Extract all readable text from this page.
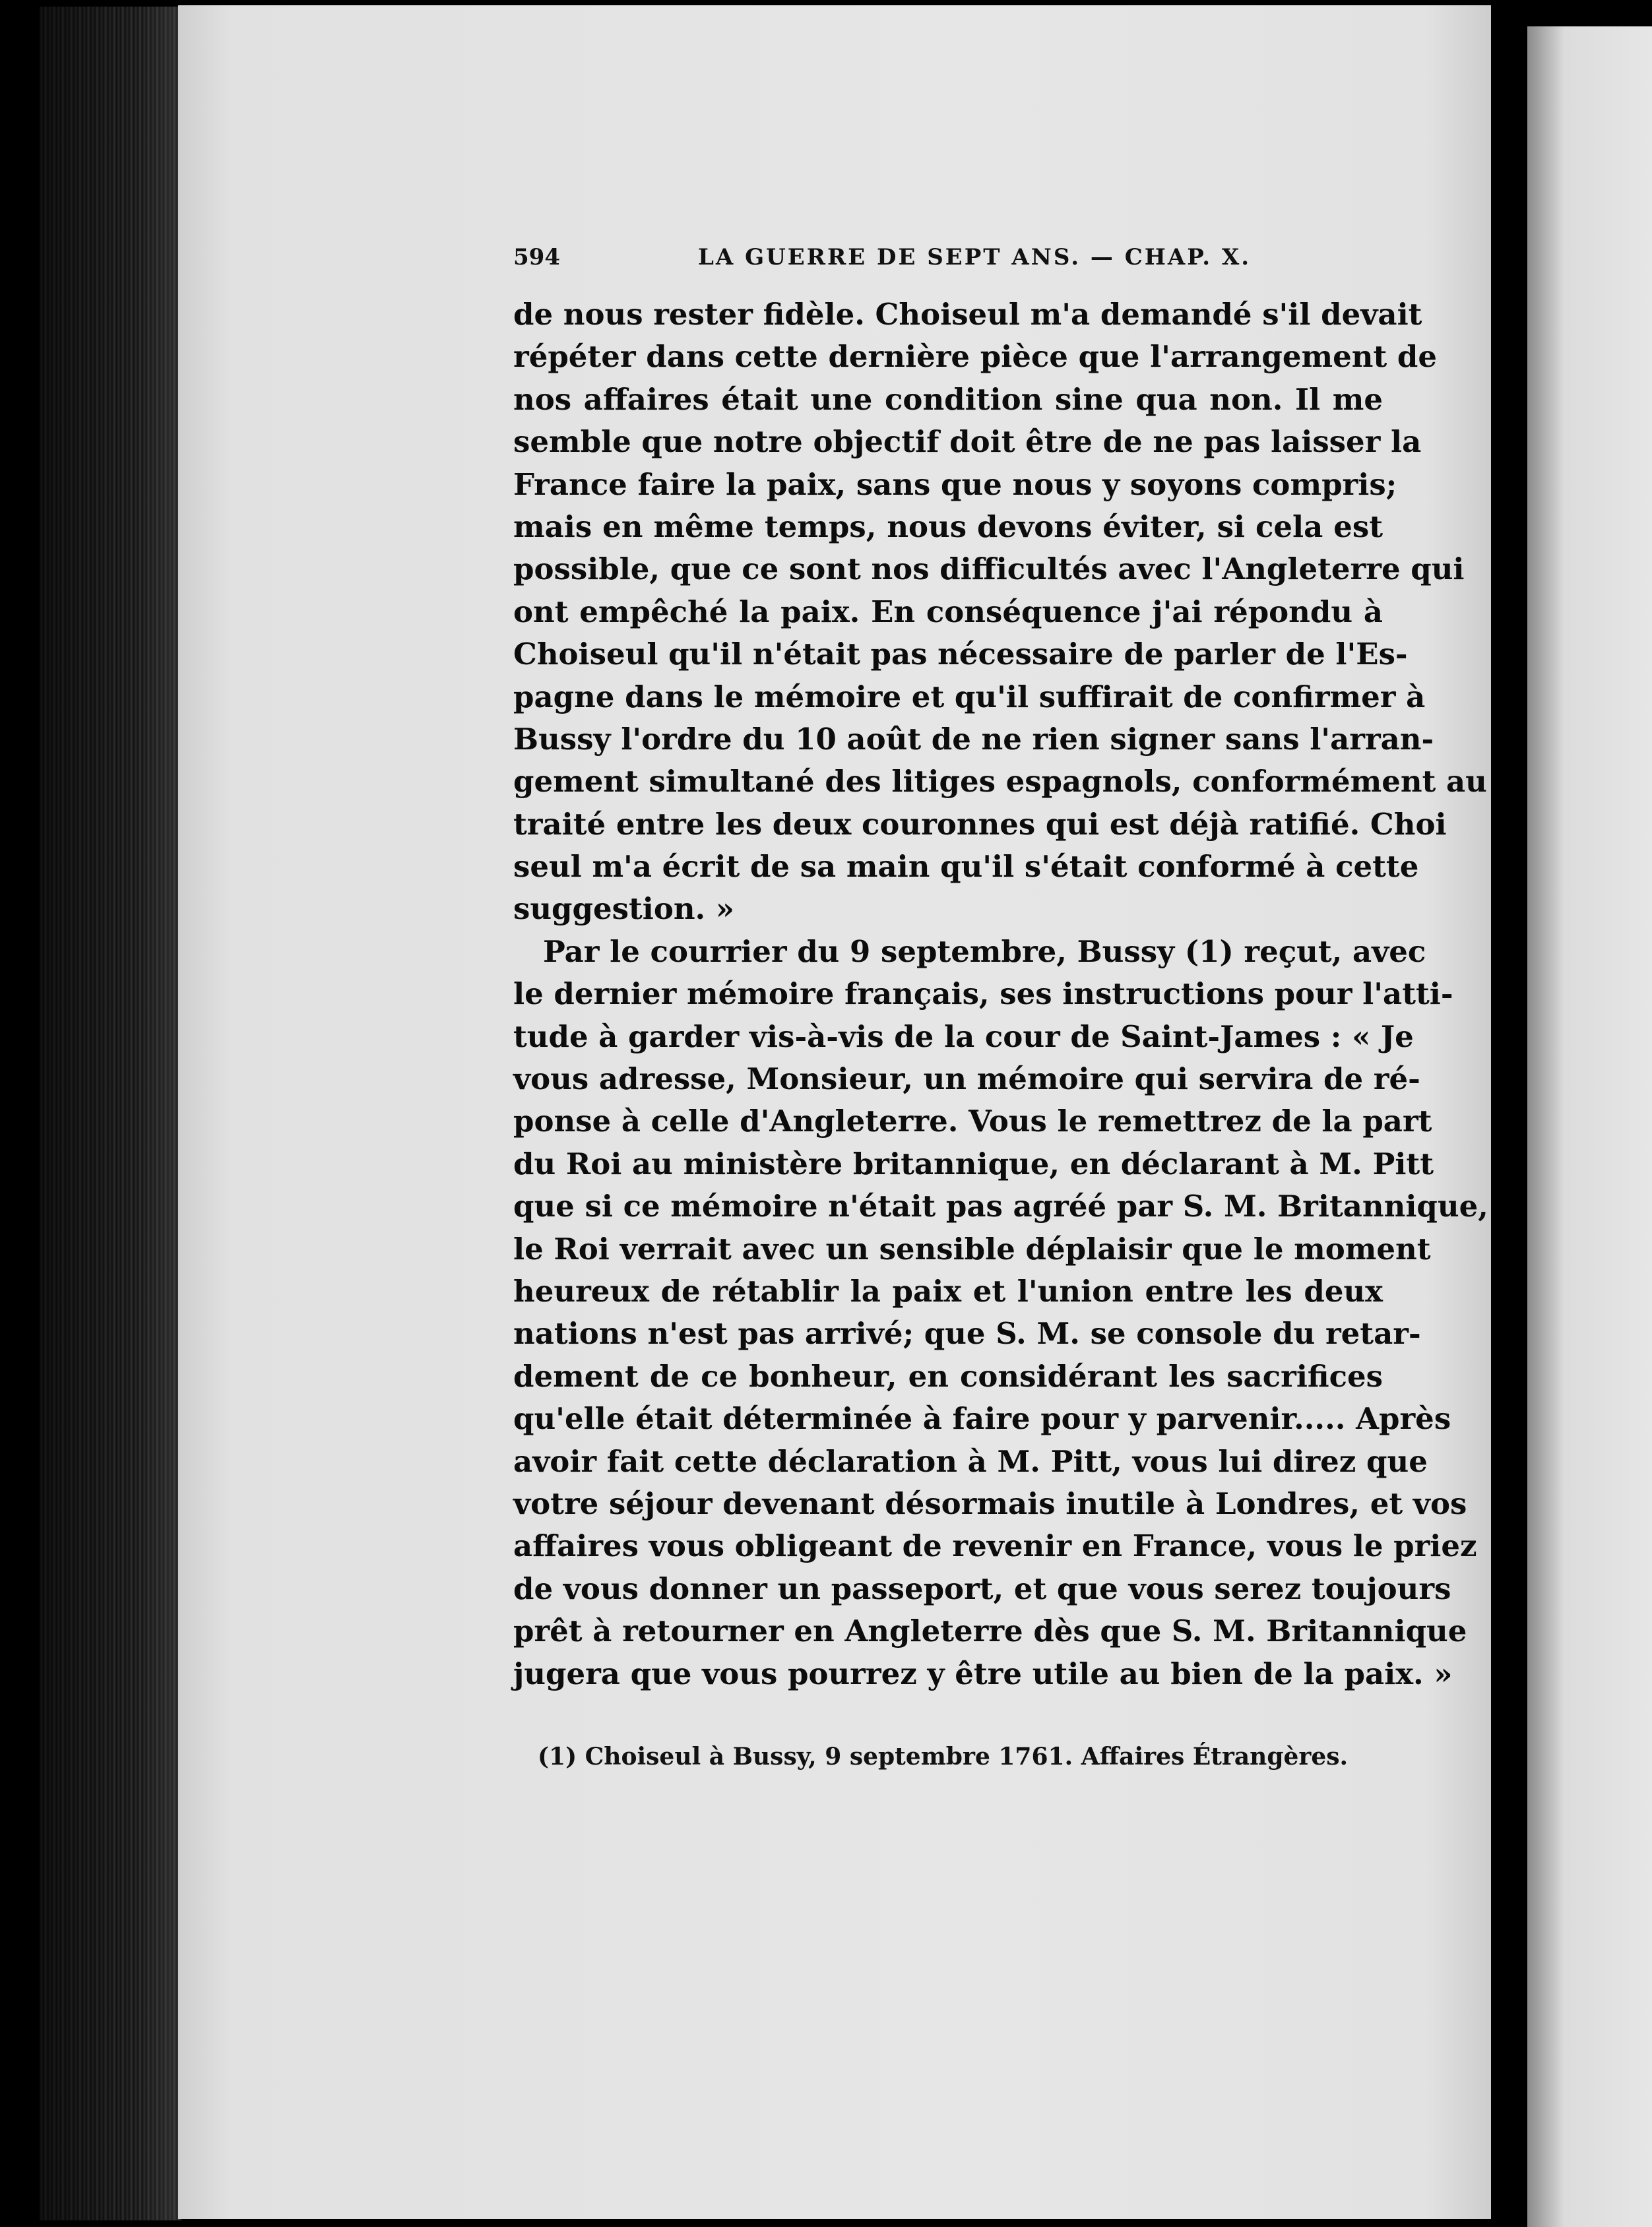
594	LA GUERRE DE SEPT ANS. — CHAP. X.
de nous rester fidèle. Choiseul m'a demandé s'il devait
répéter dans cette dernière pièce que l'arrangement de
nos affaires était une condition sine qua non. Il me
semble que notre objectif doit être de ne pas laisser la
France faire la paix, sans que nous y soyons compris;
mais en même temps, nous devons éviter, si cela est
possible, que ce sont nos difficultés avec l'Angleterre qui
ont empêché la paix. En conséquence j'ai répondu à
Choiseul qu'il n'était pas nécessaire de parler de l'Es-
pagne dans le mémoire et qu'il suffirait de confirmer à
Bussy l'ordre du 10 août de ne rien signer sans l'arran-
gement simultané des litiges espagnols, conformément au
traité entre les deux couronnes qui est déjà ratifié. Choi
seul m'a écrit de sa main qu'il s'était conformé à cette
suggestion. »
Par le courrier du 9 septembre, Bussy (1) reçut, avec
le dernier mémoire français, ses instructions pour l'atti-
tude à garder vis-à-vis de la cour de Saint-James : « Je
vous adresse, Monsieur, un mémoire qui servira de ré-
ponse à celle d'Angleterre. Vous le remettrez de la part
du Roi au ministère britannique, en déclarant à M. Pitt
que si ce mémoire n'était pas agréé par S. M. Britannique,
le Roi verrait avec un sensible déplaisir que le moment
heureux de rétablir la paix et l'union entre les deux
nations n'est pas arrivé; que S. M. se console du retar-
dement de ce bonheur, en considérant les sacrifices
qu'elle était déterminée à faire pour y parvenir..... Après
avoir fait cette déclaration à M. Pitt, vous lui direz que
votre séjour devenant désormais inutile à Londres, et vos
affaires vous obligeant de revenir en France, vous le priez
de vous donner un passeport, et que vous serez toujours
prêt à retourner en Angleterre dès que S. M. Britannique
jugera que vous pourrez y être utile au bien de la paix. »
(1) Choiseul à Bussy, 9 septembre 1761. Affaires Étrangères.
